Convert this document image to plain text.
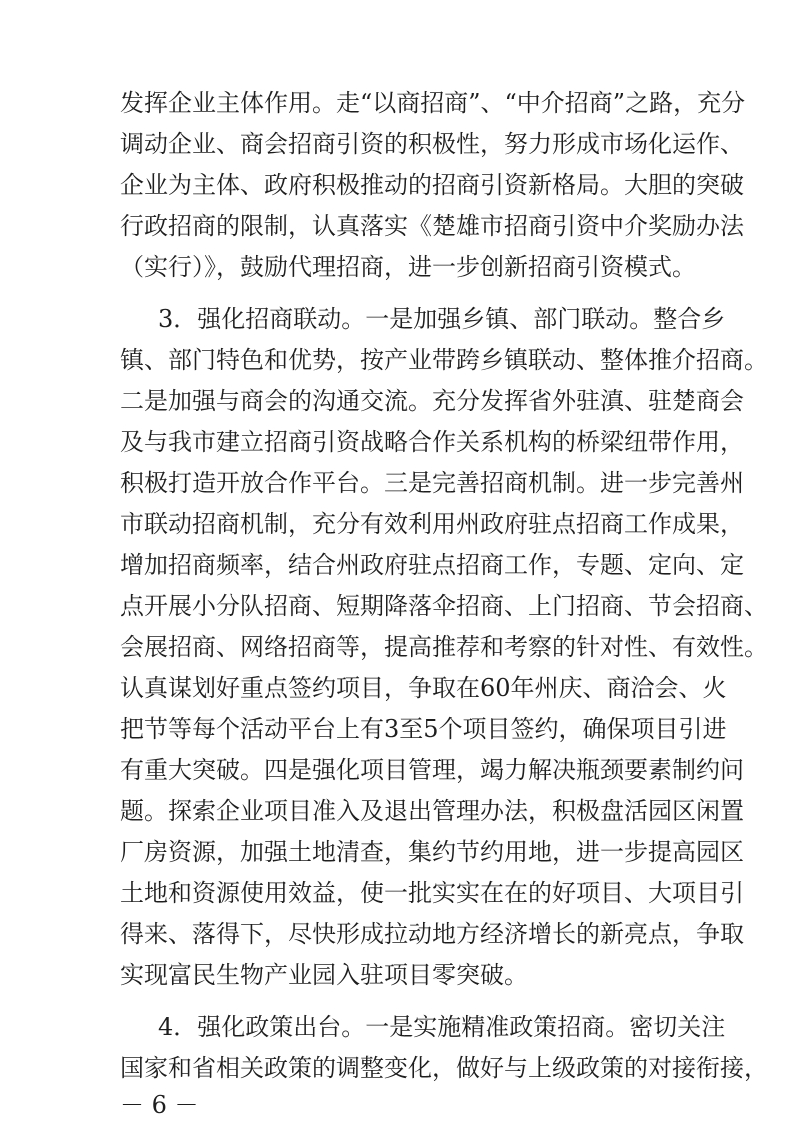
发挥企业主体作用。走“以商招商”、“中介招商”之路，充分
调动企业、商会招商引资的积极性，努力形成市场化运作、
企业为主体、政府积极推动的招商引资新格局。大胆的突破
行政招商的限制，认真落实《楚雄市招商引资中介奖励办法
（实行）》，鼓励代理招商，进一步创新招商引资模式。
3．强化招商联动。一是加强乡镇、部门联动。整合乡
镇、部门特色和优势，按产业带跨乡镇联动、整体推介招商。
二是加强与商会的沟通交流。充分发挥省外驻滇、驻楚商会
及与我市建立招商引资战略合作关系机构的桥梁纽带作用，
积极打造开放合作平台。三是完善招商机制。进一步完善州
市联动招商机制，充分有效利用州政府驻点招商工作成果，
增加招商频率，结合州政府驻点招商工作，专题、定向、定
点开展小分队招商、短期降落伞招商、上门招商、节会招商、
会展招商、网络招商等，提高推荐和考察的针对性、有效性。
认真谋划好重点签约项目，争取在60年州庆、商洽会、火
把节等每个活动平台上有3至5个项目签约，确保项目引进
有重大突破。四是强化项目管理，竭力解决瓶颈要素制约问
题。探索企业项目准入及退出管理办法，积极盘活园区闲置
厂房资源，加强土地清查，集约节约用地，进一步提高园区
土地和资源使用效益，使一批实实在在的好项目、大项目引
得来、落得下，尽快形成拉动地方经济增长的新亮点，争取
实现富民生物产业园入驻项目零突破。
4．强化政策出台。一是实施精准政策招商。密切关注
国家和省相关政策的调整变化，做好与上级政策的对接衔接，
－ 6 －
